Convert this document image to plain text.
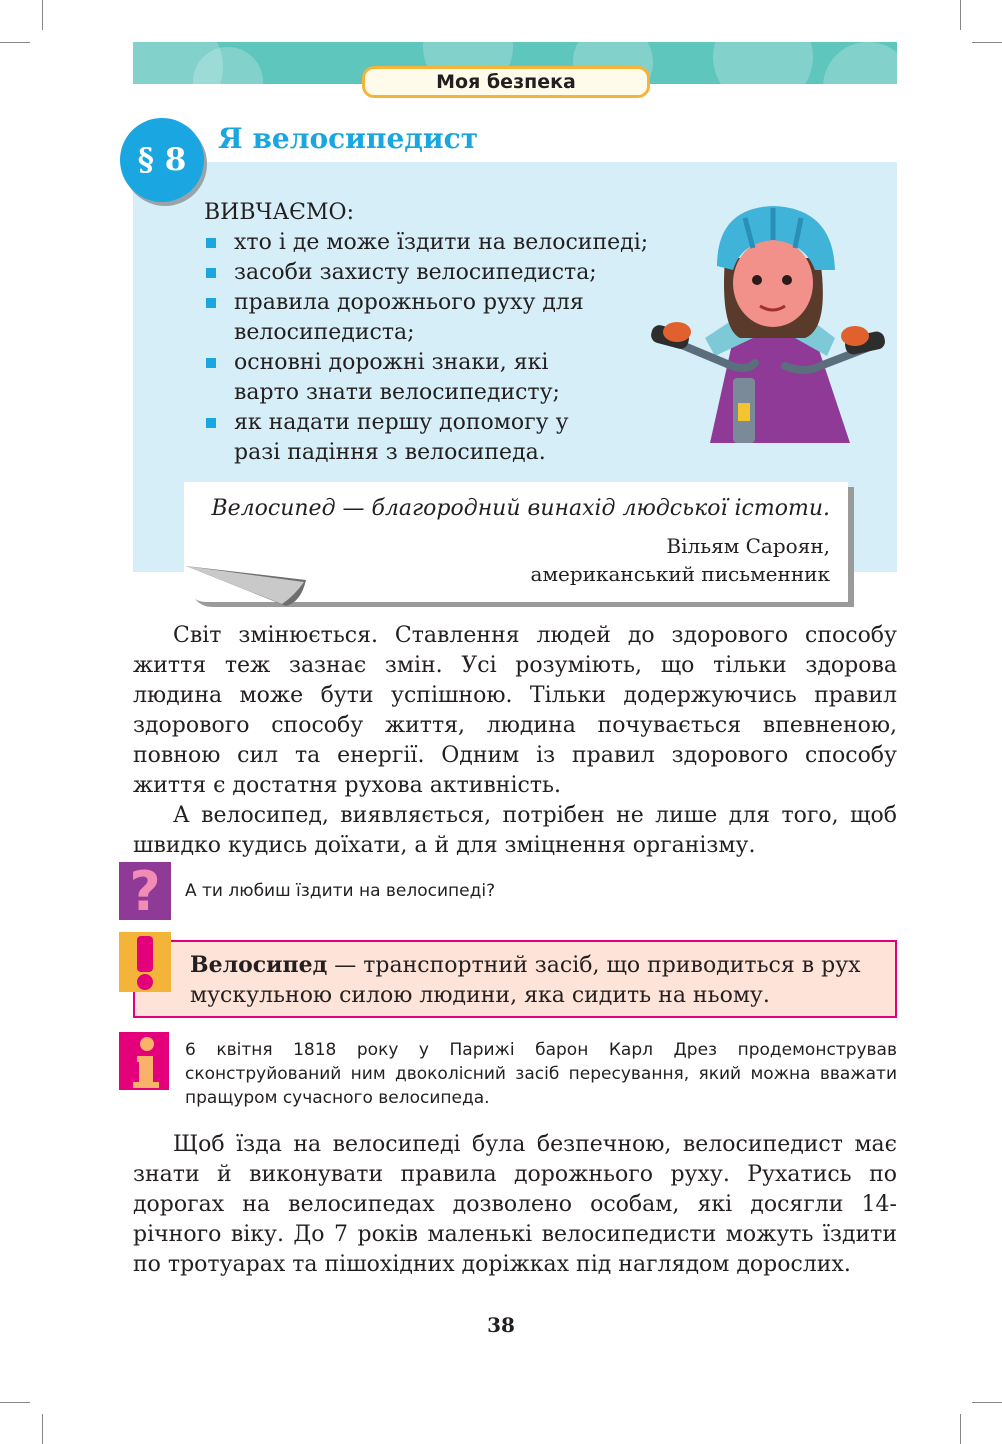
Моя безпека
§ 8
Я велосипедист
ВИВЧАЄМО:
хто і де може їздити на велосипеді;
засоби захисту велосипедиста;
правила дорожнього руху для велосипедиста;
основні дорожні знаки, які варто знати велосипедисту;
як надати першу допомогу у разі падіння з велосипеда.
Велосипед — благородний винахід людської істоти.
Вільям Сароян,
американський письменник

Світ змінюється. Ставлення людей до здорового способу життя теж зазнає змін. Усі розуміють, що тільки здорова людина може бути успішною. Тільки додержуючись правил здорового способу життя, людина почувається впевненою, повною сил та енергії. Одним із правил здорового способу життя є достатня рухова активність.

А велосипед, виявляється, потрібен не лише для того, щоб швидко кудись доїхати, а й для зміцнення організму.

? А ти любиш їздити на велосипеді?
Велосипед — транспортний засіб, що приводиться в рух мускульною силою людини, яка сидить на ньому.

6 квітня 1818 року у Парижі барон Карл Дрез продемонстрував сконструйований ним двоколісний засіб пересування, який можна вважати пращуром сучасного велосипеда.

Щоб їзда на велосипеді була безпечною, велосипедист має знати й виконувати правила дорожнього руху. Рухатись по дорогах на велосипедах дозволено особам, які досягли 14-річного віку. До 7 років маленькі велосипедисти можуть їздити по тротуарах та пішохідних доріжках під наглядом дорослих.

38
